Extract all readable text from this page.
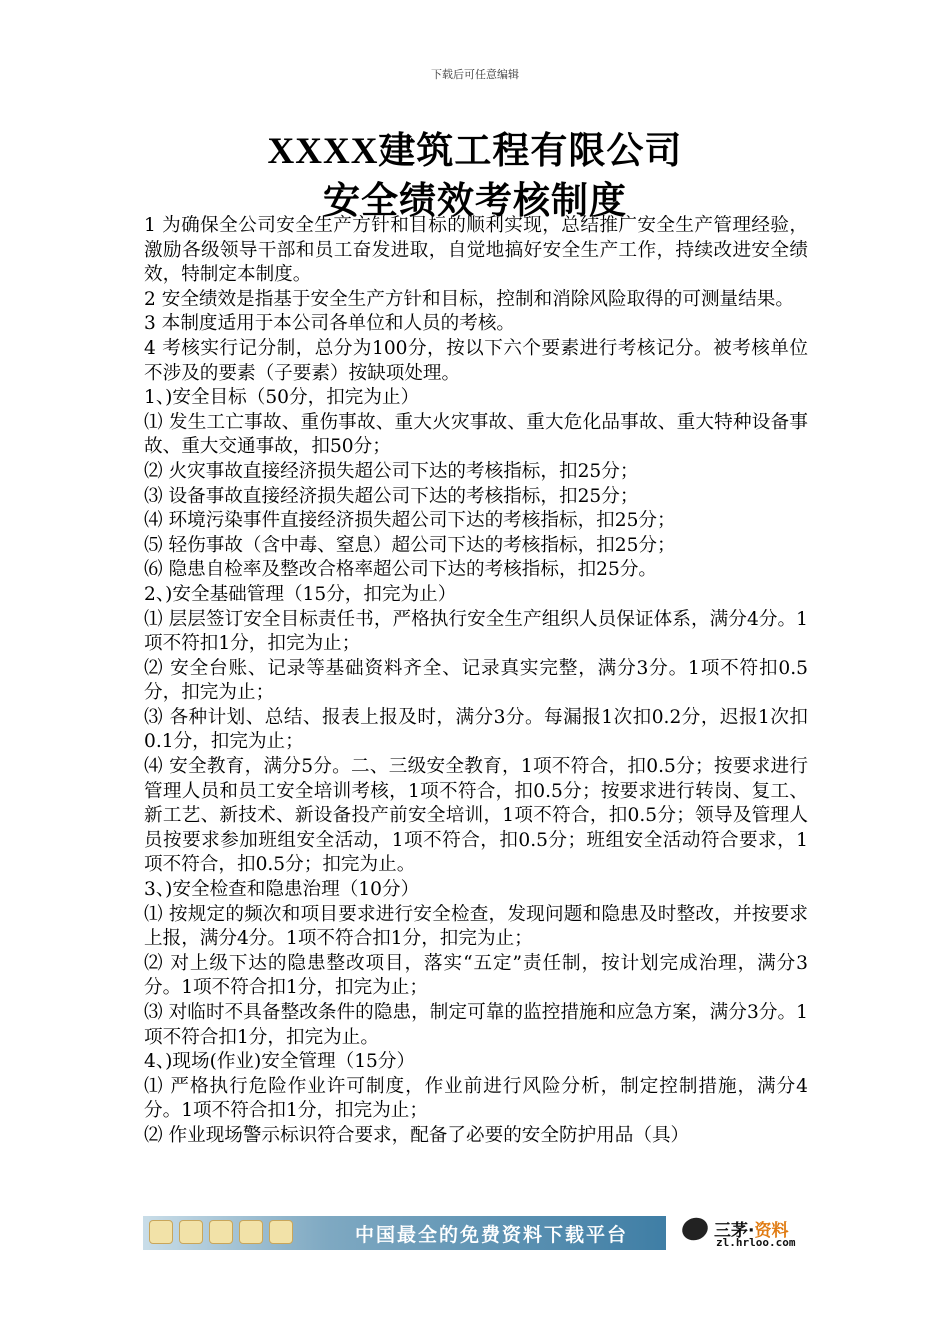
下载后可任意编辑
XXXX建筑工程有限公司
安全绩效考核制度

1 为确保全公司安全生产方针和目标的顺利实现，总结推广安全生产管理经验，激励各级领导干部和员工奋发进取，自觉地搞好安全生产工作，持续改进安全绩效，特制定本制度。

2 安全绩效是指基于安全生产方针和目标，控制和消除风险取得的可测量结果。

3 本制度适用于本公司各单位和人员的考核。

4 考核实行记分制，总分为100分，按以下六个要素进行考核记分。被考核单位不涉及的要素（子要素）按缺项处理。

1、)安全目标（50分，扣完为止）

⑴ 发生工亡事故、重伤事故、重大火灾事故、重大危化品事故、重大特种设备事故、重大交通事故，扣50分；

⑵ 火灾事故直接经济损失超公司下达的考核指标，扣25分；

⑶ 设备事故直接经济损失超公司下达的考核指标，扣25分；

⑷ 环境污染事件直接经济损失超公司下达的考核指标，扣25分；

⑸ 轻伤事故（含中毒、窒息）超公司下达的考核指标，扣25分；

⑹ 隐患自检率及整改合格率超公司下达的考核指标，扣25分。

2、)安全基础管理（15分，扣完为止）

⑴ 层层签订安全目标责任书，严格执行安全生产组织人员保证体系，满分4分。1项不符扣1分，扣完为止；

⑵ 安全台账、记录等基础资料齐全、记录真实完整，满分3分。1项不符扣0.5分，扣完为止；

⑶ 各种计划、总结、报表上报及时，满分3分。每漏报1次扣0.2分，迟报1次扣0.1分，扣完为止；

⑷ 安全教育，满分5分。二、三级安全教育，1项不符合，扣0.5分；按要求进行管理人员和员工安全培训考核，1项不符合，扣0.5分；按要求进行转岗、复工、新工艺、新技术、新设备投产前安全培训，1项不符合，扣0.5分；领导及管理人员按要求参加班组安全活动，1项不符合，扣0.5分；班组安全活动符合要求，1项不符合，扣0.5分；扣完为止。

3、)安全检查和隐患治理（10分）

⑴ 按规定的频次和项目要求进行安全检查，发现问题和隐患及时整改，并按要求上报，满分4分。1项不符合扣1分，扣完为止；

⑵ 对上级下达的隐患整改项目，落实“五定”责任制，按计划完成治理，满分3分。1项不符合扣1分，扣完为止；

⑶ 对临时不具备整改条件的隐患，制定可靠的监控措施和应急方案，满分3分。1项不符合扣1分，扣完为止。

4、)现场(作业)安全管理（15分）

⑴ 严格执行危险作业许可制度，作业前进行风险分析，制定控制措施，满分4分。1项不符合扣1分，扣完为止；

⑵ 作业现场警示标识符合要求，配备了必要的安全防护用品（具）

中国最全的免费资料下载平台	三茅·资料
zl.hrloo.com
